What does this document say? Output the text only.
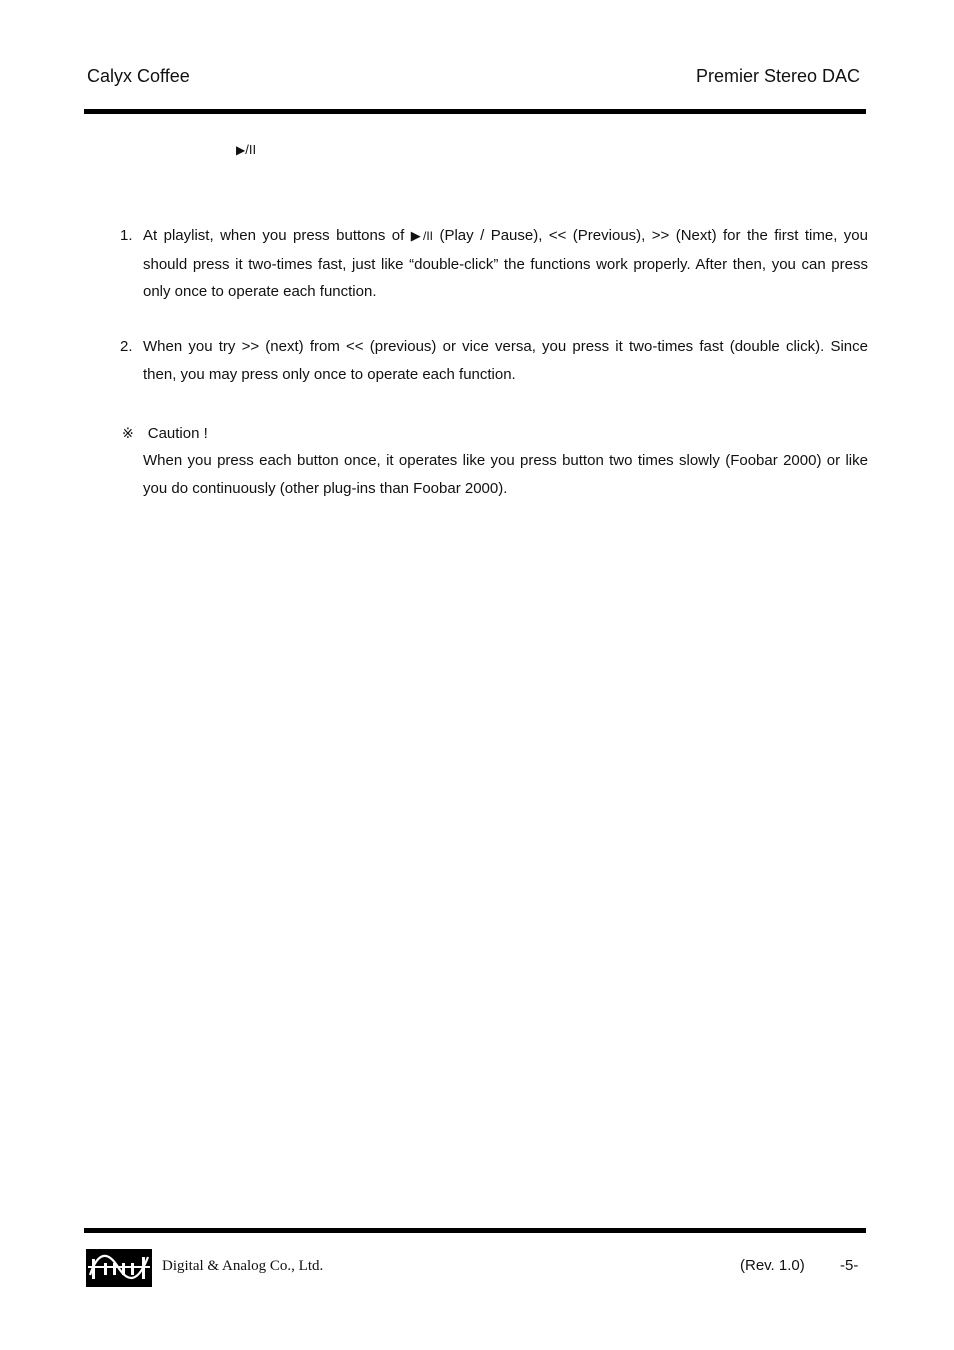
Calyx Coffee	Premier Stereo DAC
▶/II
1. At playlist, when you press buttons of ▶/II (Play / Pause), << (Previous), >> (Next) for the first time, you should press it two-times fast, just like “double-click” the functions work properly. After then, you can press only once to operate each function.
2. When you try >> (next) from << (previous) or vice versa, you press it two-times fast (double click). Since then, you may press only once to operate each function.
※ Caution !
When you press each button once, it operates like you press button two times slowly (Foobar 2000) or like you do continuously (other plug-ins than Foobar 2000).
Digital & Analog Co., Ltd.	(Rev. 1.0) -5-
